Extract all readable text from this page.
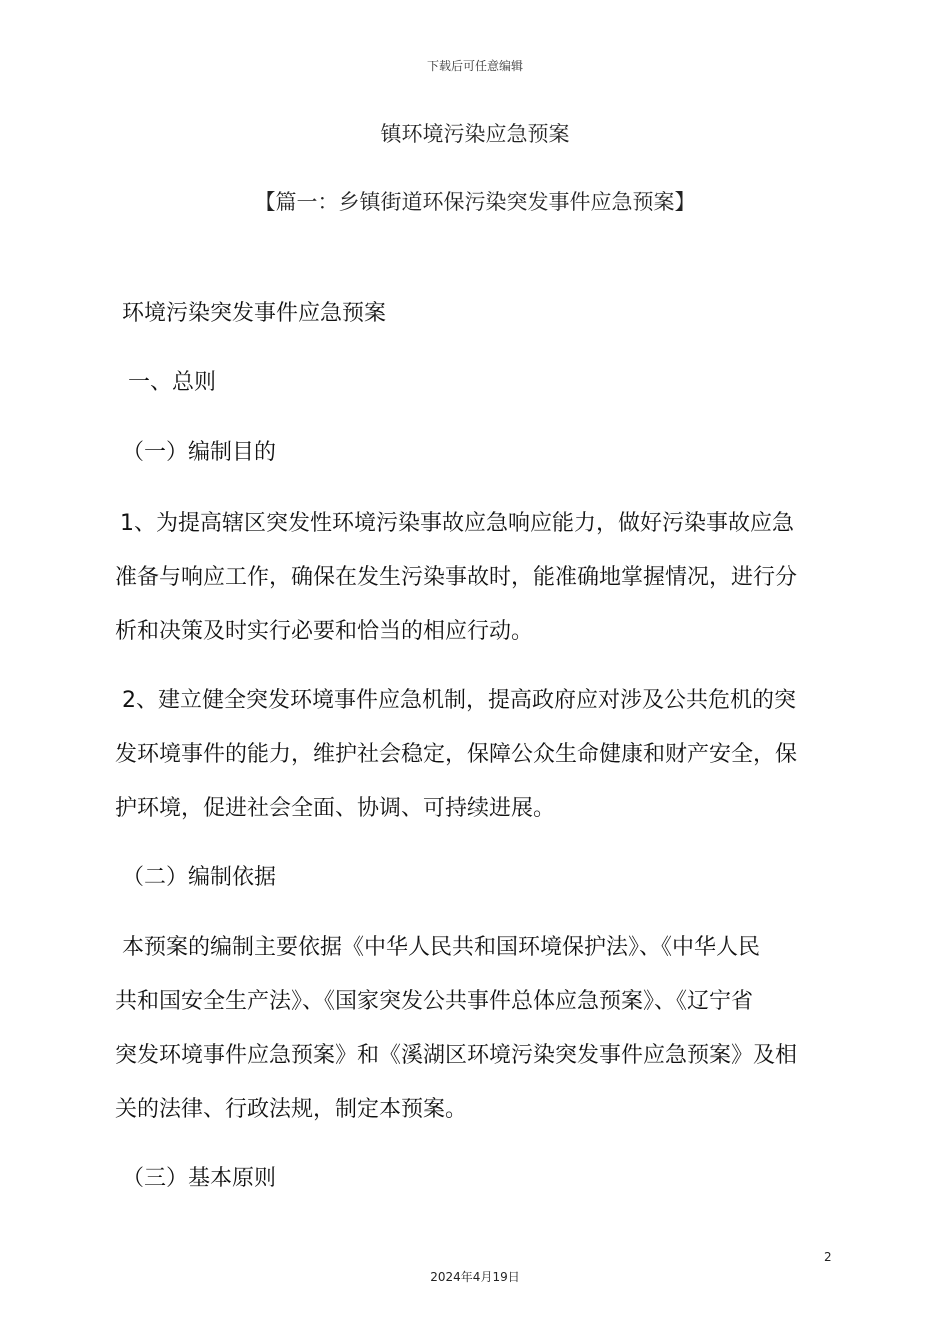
下载后可任意编辑
镇环境污染应急预案
【篇一：乡镇街道环保污染突发事件应急预案】
环境污染突发事件应急预案
一、总则
（一）编制目的
1、为提高辖区突发性环境污染事故应急响应能力，做好污染事故应急
准备与响应工作，确保在发生污染事故时，能准确地掌握情况，进行分
析和决策及时实行必要和恰当的相应行动。
2、建立健全突发环境事件应急机制，提高政府应对涉及公共危机的突
发环境事件的能力，维护社会稳定，保障公众生命健康和财产安全，保
护环境，促进社会全面、协调、可持续进展。
（二）编制依据
本预案的编制主要依据《中华人民共和国环境保护法》、《中华人民
共和国安全生产法》、《国家突发公共事件总体应急预案》、《辽宁省
突发环境事件应急预案》和《溪湖区环境污染突发事件应急预案》及相
关的法律、行政法规，制定本预案。
（三）基本原则
2
2024年4月19日
